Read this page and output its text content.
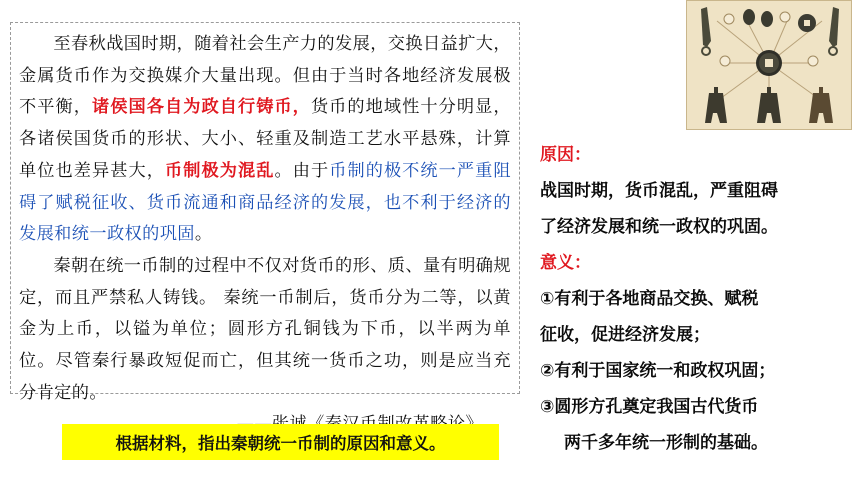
至春秋战国时期，随着社会生产力的发展，交换日益扩大，金属货币作为交换媒介大量出现。但由于当时各地经济发展极不平衡，诸侯国各自为政自行铸币，货币的地域性十分明显，各诸侯国货币的形状、大小、轻重及制造工艺水平悬殊，计算单位也差异甚大，币制极为混乱。由于币制的极不统一严重阻碍了赋税征收、货币流通和商品经济的发展，也不利于经济的发展和统一政权的巩固。

秦朝在统一币制的过程中不仅对货币的形、质、量有明确规定，而且严禁私人铸钱。 秦统一币制后，货币分为二等，以黄金为上币，以镒为单位；圆形方孔铜钱为下币，以半两为单位。尽管秦行暴政短促而亡，但其统一货币之功，则是应当充分肯定的。

根据材料，指出秦朝统一币制的原因和意义。
原因：
战国时期，货币混乱，严重阻碍
了经济发展和统一政权的巩固。
意义：
①有利于各地商品交换、赋税
征收，促进经济发展；
②有利于国家统一和政权巩固；
③圆形方孔奠定我国古代货币
两千多年统一形制的基础。
